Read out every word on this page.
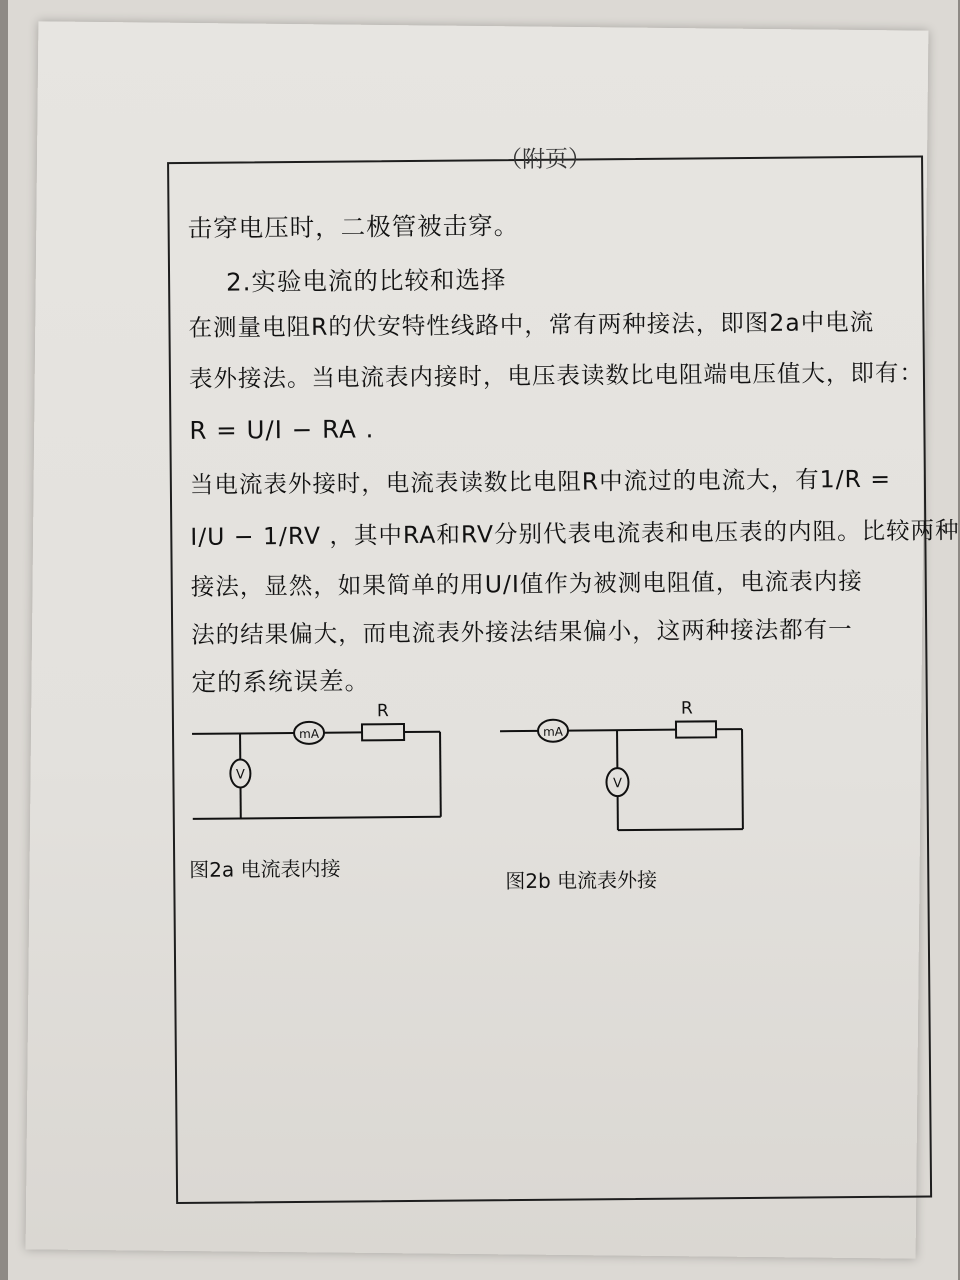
（附页）
击穿电压时，二极管被击穿。
2.实验电流的比较和选择
在测量电阻R的伏安特性线路中，常有两种接法，即图2a中电流
表外接法。当电流表内接时，电压表读数比电阻端电压值大，即有：
R = U/I − RA .
当电流表外接时，电流表读数比电阻R中流过的电流大，有1/R =
I/U − 1/RV ，其中RA和RV分别代表电流表和电压表的内阻。比较两种
接法，显然，如果简单的用U/I值作为被测电阻值，电流表内接
法的结果偏大，而电流表外接法结果偏小，这两种接法都有一
定的系统误差。
mA
V
R
图2a 电流表内接
mA
V
R
图2b 电流表外接
